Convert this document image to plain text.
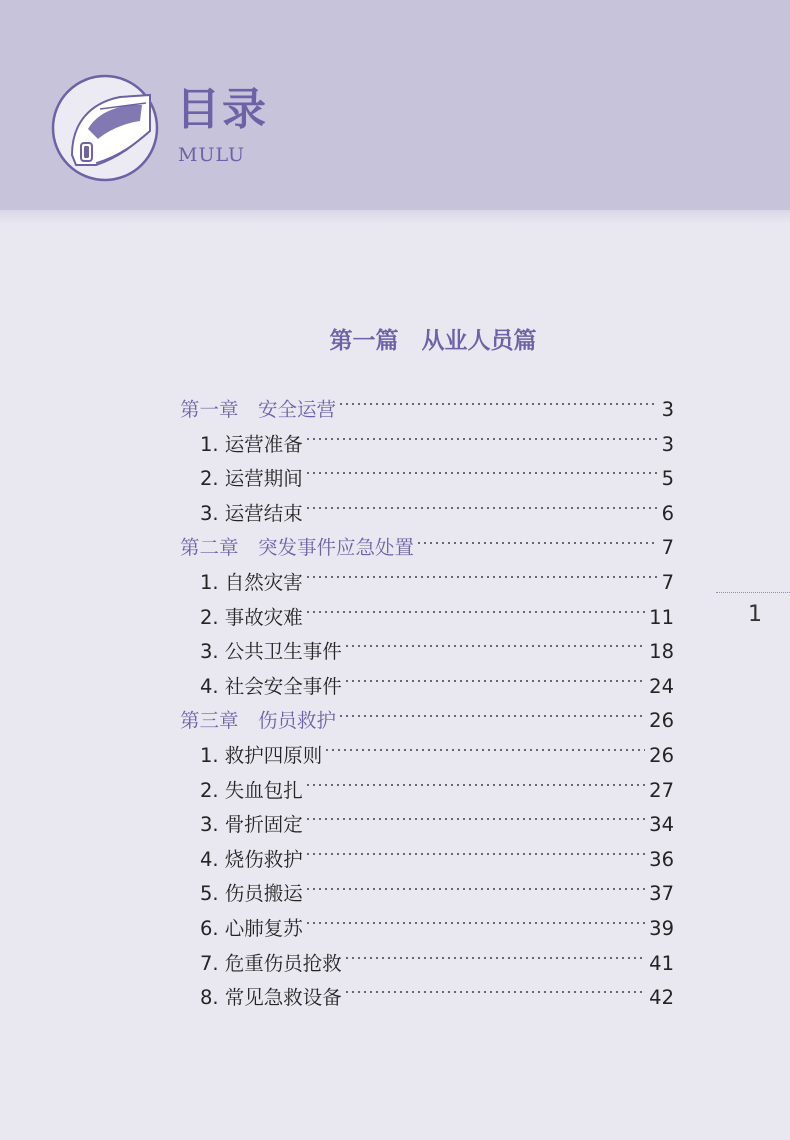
目录
MULU
第一篇　从业人员篇
第一章　安全运营	3
1. 运营准备	3
2. 运营期间	5
3. 运营结束	6
第二章　突发事件应急处置	7
1. 自然灾害	7
2. 事故灾难	11
3. 公共卫生事件	18
4. 社会安全事件	24
第三章　伤员救护	26
1. 救护四原则	26
2. 失血包扎	27
3. 骨折固定	34
4. 烧伤救护	36
5. 伤员搬运	37
6. 心肺复苏	39
7. 危重伤员抢救	41
8. 常见急救设备	42
1
